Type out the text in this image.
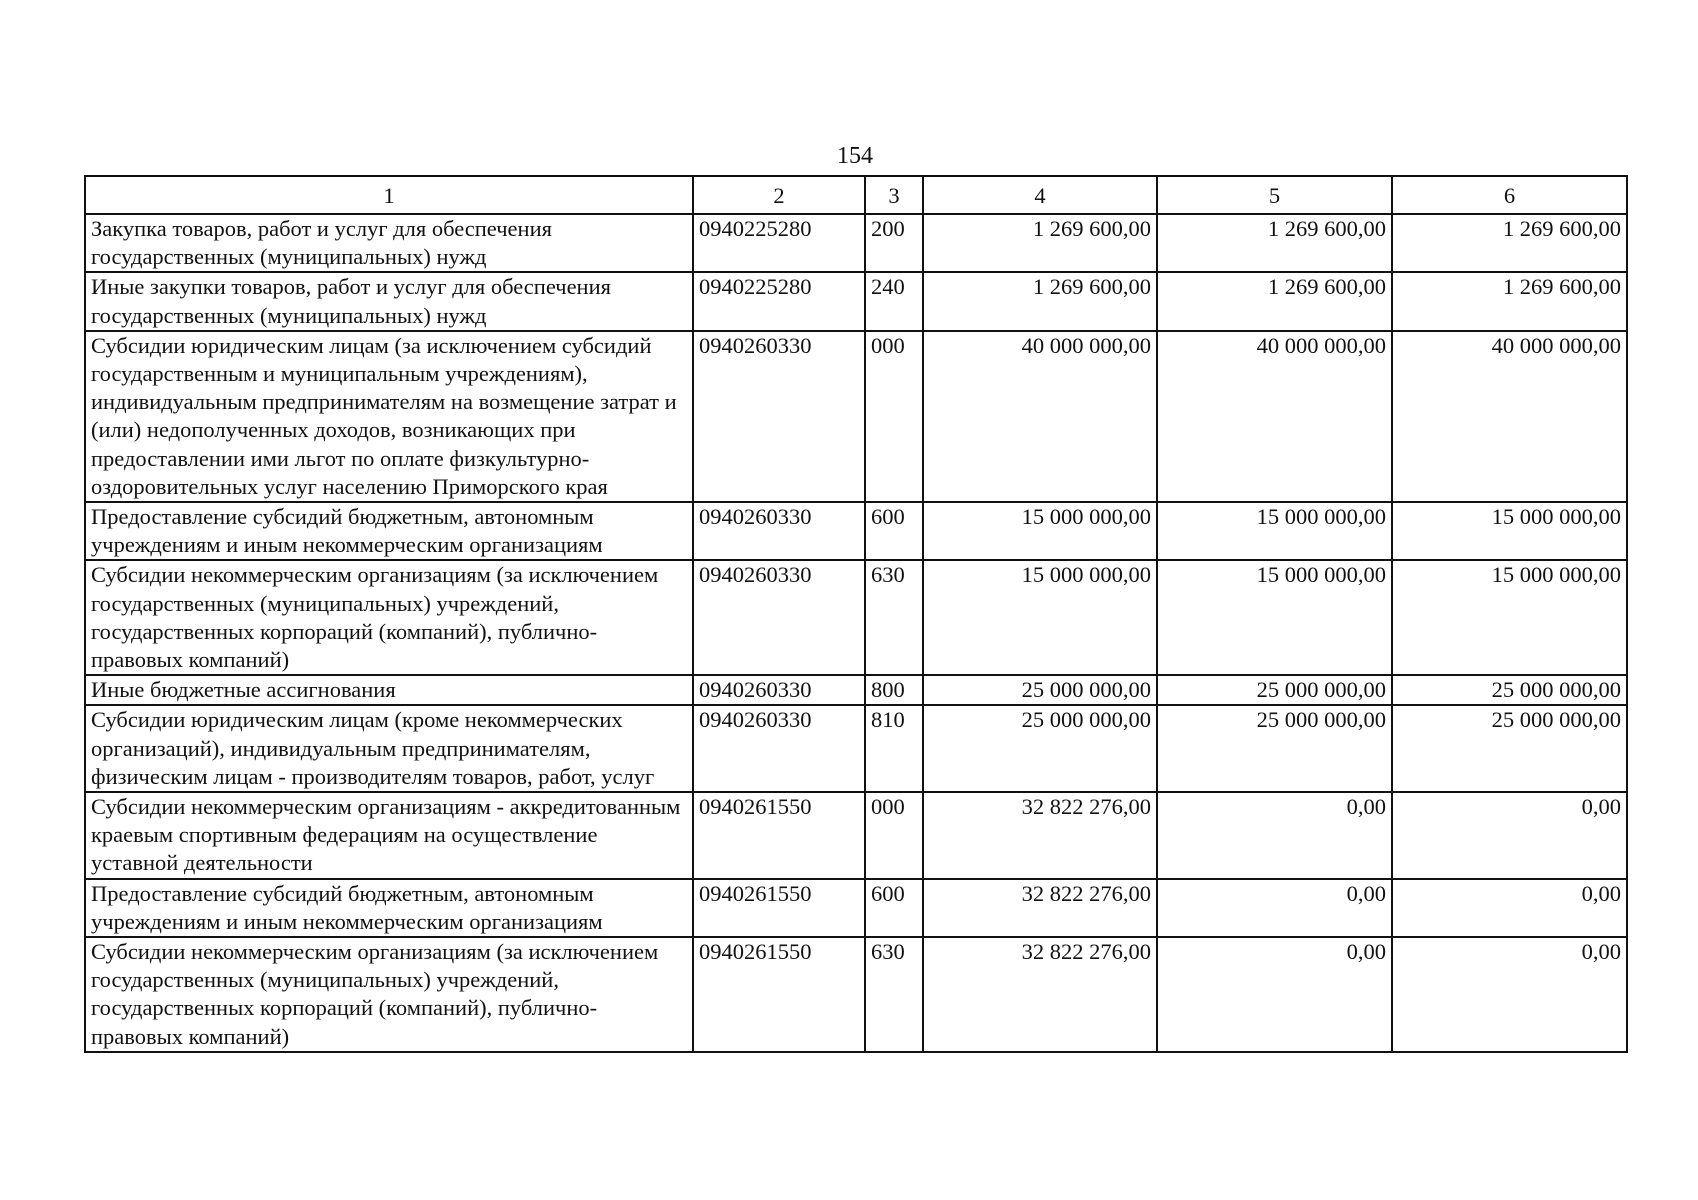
154
1	2	3	4	5	6
Закупка товаров, работ и услуг для обеспечения государственных (муниципальных) нужд	0940225280	200	1 269 600,00	1 269 600,00	1 269 600,00
Иные закупки товаров, работ и услуг для обеспечения государственных (муниципальных) нужд	0940225280	240	1 269 600,00	1 269 600,00	1 269 600,00
Субсидии юридическим лицам (за исключением субсидий государственным и муниципальным учреждениям), индивидуальным предпринимателям на возмещение затрат и (или) недополученных доходов, возникающих при предоставлении ими льгот по оплате физкультурно-оздоровительных услуг населению Приморского края	0940260330	000	40 000 000,00	40 000 000,00	40 000 000,00
Предоставление субсидий бюджетным, автономным учреждениям и иным некоммерческим организациям	0940260330	600	15 000 000,00	15 000 000,00	15 000 000,00
Субсидии некоммерческим организациям (за исключением государственных (муниципальных) учреждений, государственных корпораций (компаний), публично-правовых компаний)	0940260330	630	15 000 000,00	15 000 000,00	15 000 000,00
Иные бюджетные ассигнования	0940260330	800	25 000 000,00	25 000 000,00	25 000 000,00
Субсидии юридическим лицам (кроме некоммерческих организаций), индивидуальным предпринимателям, физическим лицам - производителям товаров, работ, услуг	0940260330	810	25 000 000,00	25 000 000,00	25 000 000,00
Субсидии некоммерческим организациям - аккредитованным краевым спортивным федерациям на осуществление уставной деятельности	0940261550	000	32 822 276,00	0,00	0,00
Предоставление субсидий бюджетным, автономным учреждениям и иным некоммерческим организациям	0940261550	600	32 822 276,00	0,00	0,00
Субсидии некоммерческим организациям (за исключением государственных (муниципальных) учреждений, государственных корпораций (компаний), публично-правовых компаний)	0940261550	630	32 822 276,00	0,00	0,00
